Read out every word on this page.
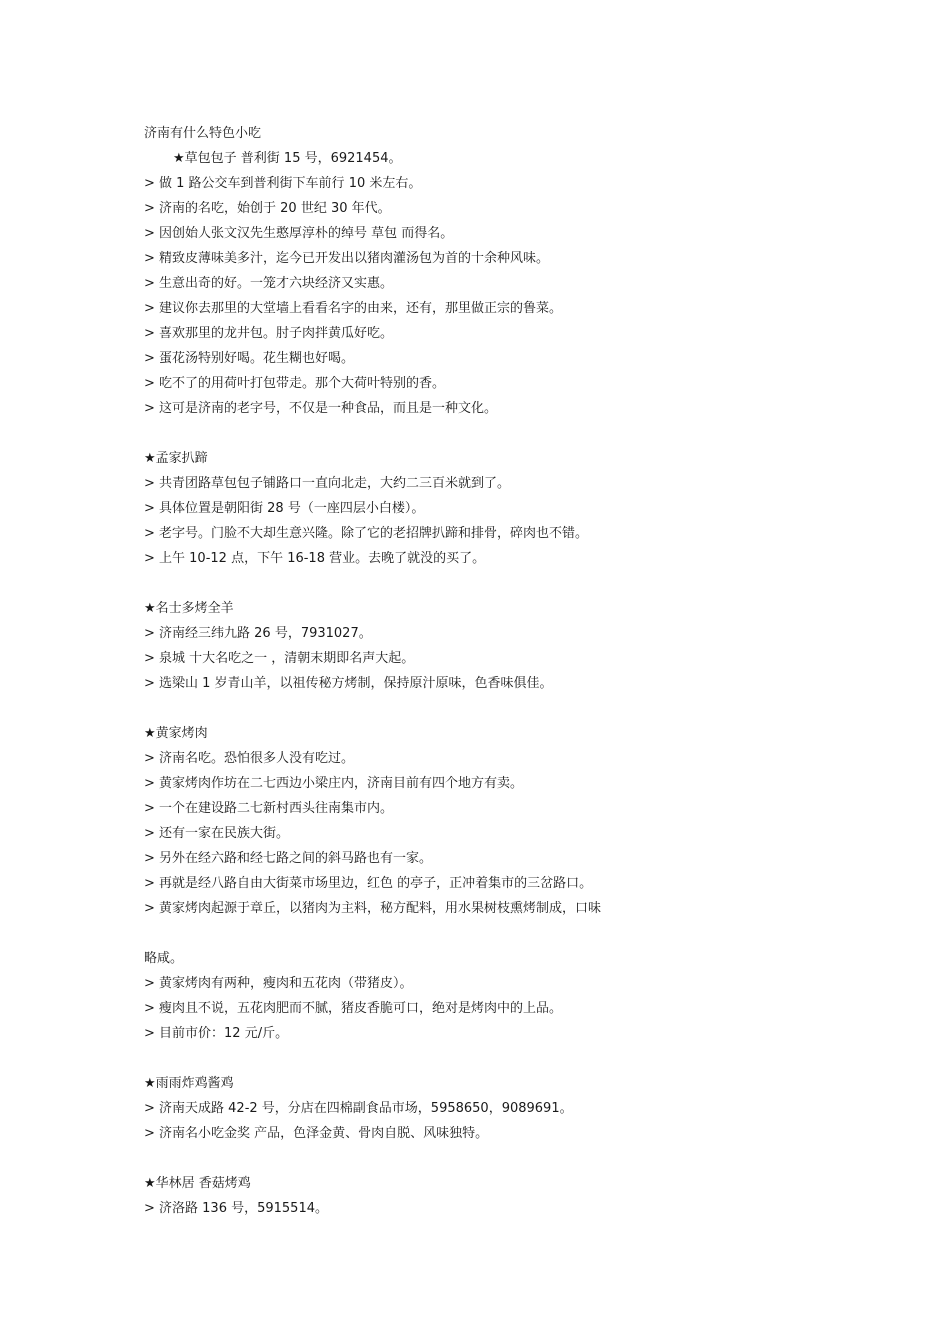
济南有什么特色小吃
★草包包子 普利街 15 号，6921454。
> 做 1 路公交车到普利街下车前行 10 米左右。
> 济南的名吃，始创于 20 世纪 30 年代。
> 因创始人张文汉先生憨厚淳朴的绰号 草包 而得名。
> 精致皮薄味美多汁，迄今已开发出以猪肉灌汤包为首的十余种风味。
> 生意出奇的好。一笼才六块经济又实惠。
> 建议你去那里的大堂墙上看看名字的由来，还有，那里做正宗的鲁菜。
> 喜欢那里的龙井包。肘子肉拌黄瓜好吃。
> 蛋花汤特别好喝。花生糊也好喝。
> 吃不了的用荷叶打包带走。那个大荷叶特别的香。
> 这可是济南的老字号，不仅是一种食品，而且是一种文化。
★孟家扒蹄
> 共青团路草包包子铺路口一直向北走，大约二三百米就到了。
> 具体位置是朝阳街 28 号（一座四层小白楼）。
> 老字号。门脸不大却生意兴隆。除了它的老招牌扒蹄和排骨，碎肉也不错。
> 上午 10-12 点，下午 16-18 营业。去晚了就没的买了。
★名士多烤全羊
> 济南经三纬九路 26 号，7931027。
> 泉城 十大名吃之一 ，清朝末期即名声大起。
> 选梁山 1 岁青山羊，以祖传秘方烤制，保持原汁原味，色香味俱佳。
★黄家烤肉
> 济南名吃。恐怕很多人没有吃过。
> 黄家烤肉作坊在二七西边小梁庄内，济南目前有四个地方有卖。
> 一个在建设路二七新村西头往南集市内。
> 还有一家在民族大街。
> 另外在经六路和经七路之间的斜马路也有一家。
> 再就是经八路自由大街菜市场里边，红色 的亭子，正冲着集市的三岔路口。
> 黄家烤肉起源于章丘，以猪肉为主料，秘方配料，用水果树枝熏烤制成，口味
略咸。
> 黄家烤肉有两种，瘦肉和五花肉（带猪皮）。
> 瘦肉且不说，五花肉肥而不腻，猪皮香脆可口，绝对是烤肉中的上品。
> 目前市价：12 元/斤。
★雨雨炸鸡酱鸡
> 济南天成路 42-2 号，分店在四棉副食品市场，5958650，9089691。
> 济南名小吃金奖 产品，色泽金黄、骨肉自脱、风味独特。
★华林居 香菇烤鸡
> 济洛路 136 号，5915514。
